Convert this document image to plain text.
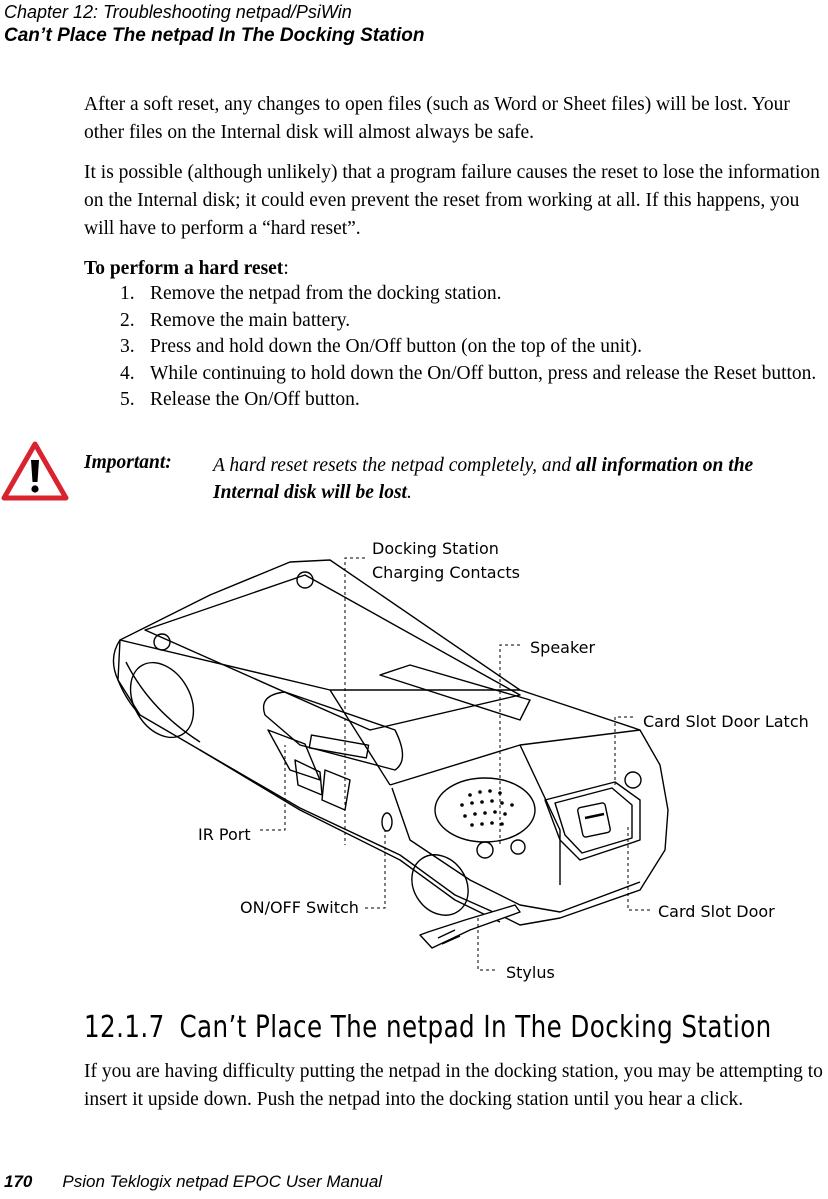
Chapter 12: Troubleshooting netpad/PsiWin
Can’t Place The netpad In The Docking Station

After a soft reset, any changes to open files (such as Word or Sheet files) will be lost. Your other files on the Internal disk will almost always be safe.

It is possible (although unlikely) that a program failure causes the reset to lose the information on the Internal disk; it could even prevent the reset from working at all. If this happens, you will have to perform a “hard reset”.

To perform a hard reset:
1. Remove the netpad from the docking station.
2. Remove the main battery.
3. Press and hold down the On/Off button (on the top of the unit).
4. While continuing to hold down the On/Off button, press and release the Reset button.
5. Release the On/Off button.
Important: A hard reset resets the netpad completely, and all information on the Internal disk will be lost.
Docking Station
Charging Contacts
Speaker
Card Slot Door Latch
IR Port
ON/OFF Switch	Card Slot Door
Stylus
12.1.7 Can’t Place The netpad In The Docking Station

If you are having difficulty putting the netpad in the docking station, you may be attempting to insert it upside down. Push the netpad into the docking station until you hear a click.

170 Psion Teklogix netpad EPOC User Manual
